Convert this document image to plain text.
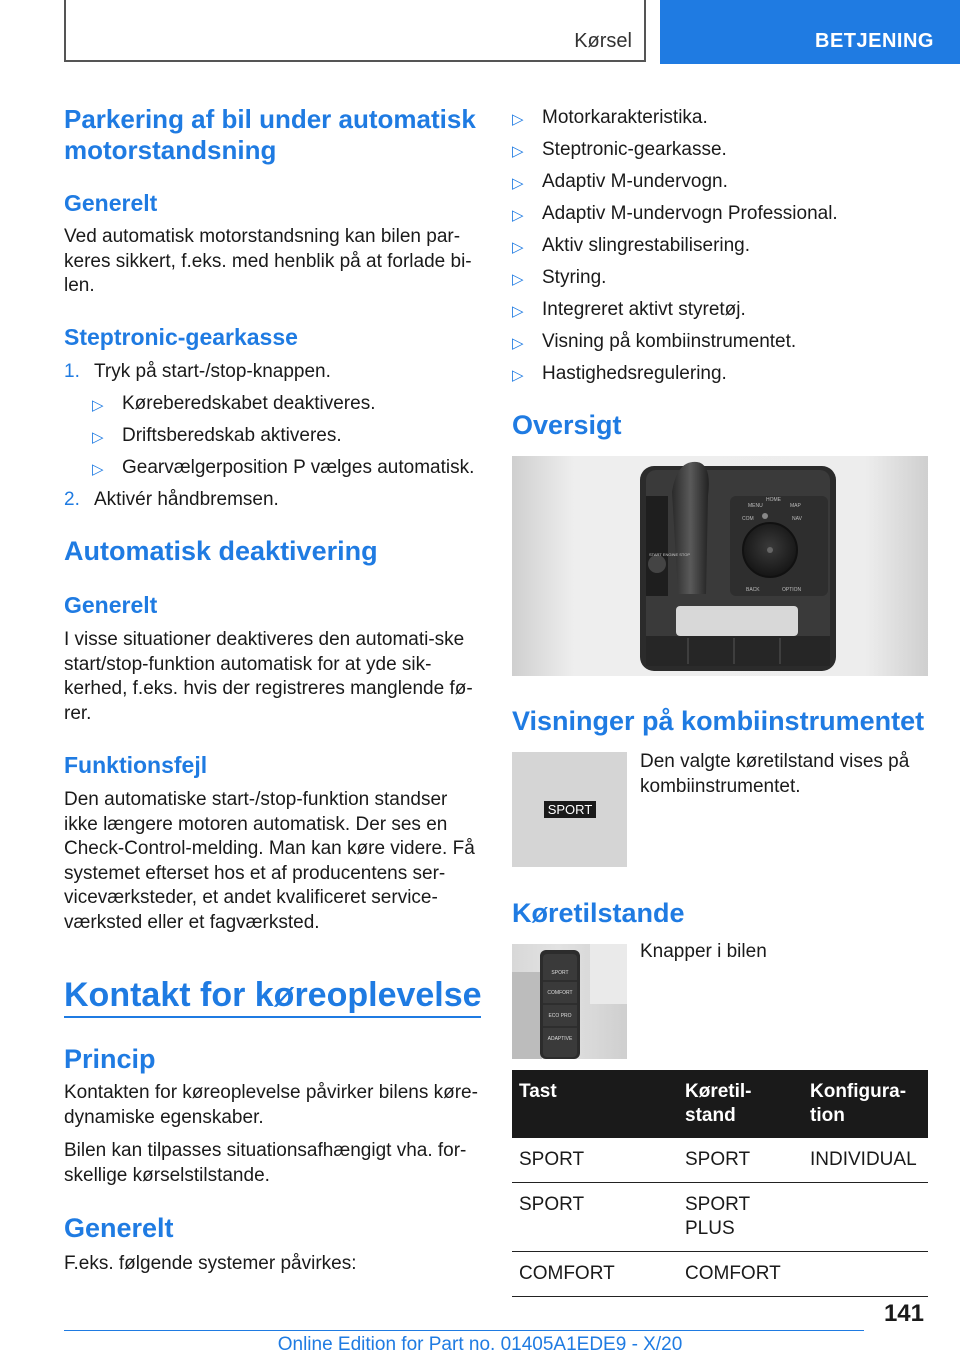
Kørsel	BETJENING
Parkering af bil under automatisk motorstandsning
Generelt
Ved automatisk motorstandsning kan bilen par-keres sikkert, f.eks. med henblik på at forlade bi-len.
Steptronic-gearkasse
1. Tryk på start-/stop-knappen.
▷ Køreberedskabet deaktiveres.
▷ Driftsberedskab aktiveres.
▷ Gearvælgerposition P vælges automatisk.
2. Aktivér håndbremsen.
Automatisk deaktivering
Generelt
I visse situationer deaktiveres den automati-ske start/stop-funktion automatisk for at yde sik-kerhed, f.eks. hvis der registreres manglende fø-rer.
Funktionsfejl
Den automatiske start-/stop-funktion standser ikke længere motoren automatisk. Der ses en Check-Control-melding. Man kan køre videre. Få systemet efterset hos et af producentens ser-viceværksteder, et andet kvalificeret service-værksted eller et fagværksted.
Kontakt for køreoplevelse
Princip
Kontakten for køreoplevelse påvirker bilens køre-dynamiske egenskaber.
Bilen kan tilpasses situationsafhængigt vha. for-skellige kørselstilstande.
Generelt
F.eks. følgende systemer påvirkes:
▷ Motorkarakteristika.
▷ Steptronic-gearkasse.
▷ Adaptiv M-undervogn.
▷ Adaptiv M-undervogn Professional.
▷ Aktiv slingrestabilisering.
▷ Styring.
▷ Integreret aktivt styretøj.
▷ Visning på kombiinstrumentet.
▷ Hastighedsregulering.
Oversigt
MENU
HOME
MAP
COM	NAV
BACK	OPTION
START ENGINE STOP
Visninger på kombiinstrumentet
SPORT
Den valgte køretilstand vises på kombiinstrumentet.
Køretilstande
SPORT
COMFORT
ECO PRO
ADAPTIVE
Knapper i bilen
Tast	Køretil-stand	Konfigura-tion
SPORT	SPORT	INDIVIDUAL
SPORT	SPORT PLUS	
COMFORT	COMFORT	
141
Online Edition for Part no. 01405A1EDE9 - X/20
